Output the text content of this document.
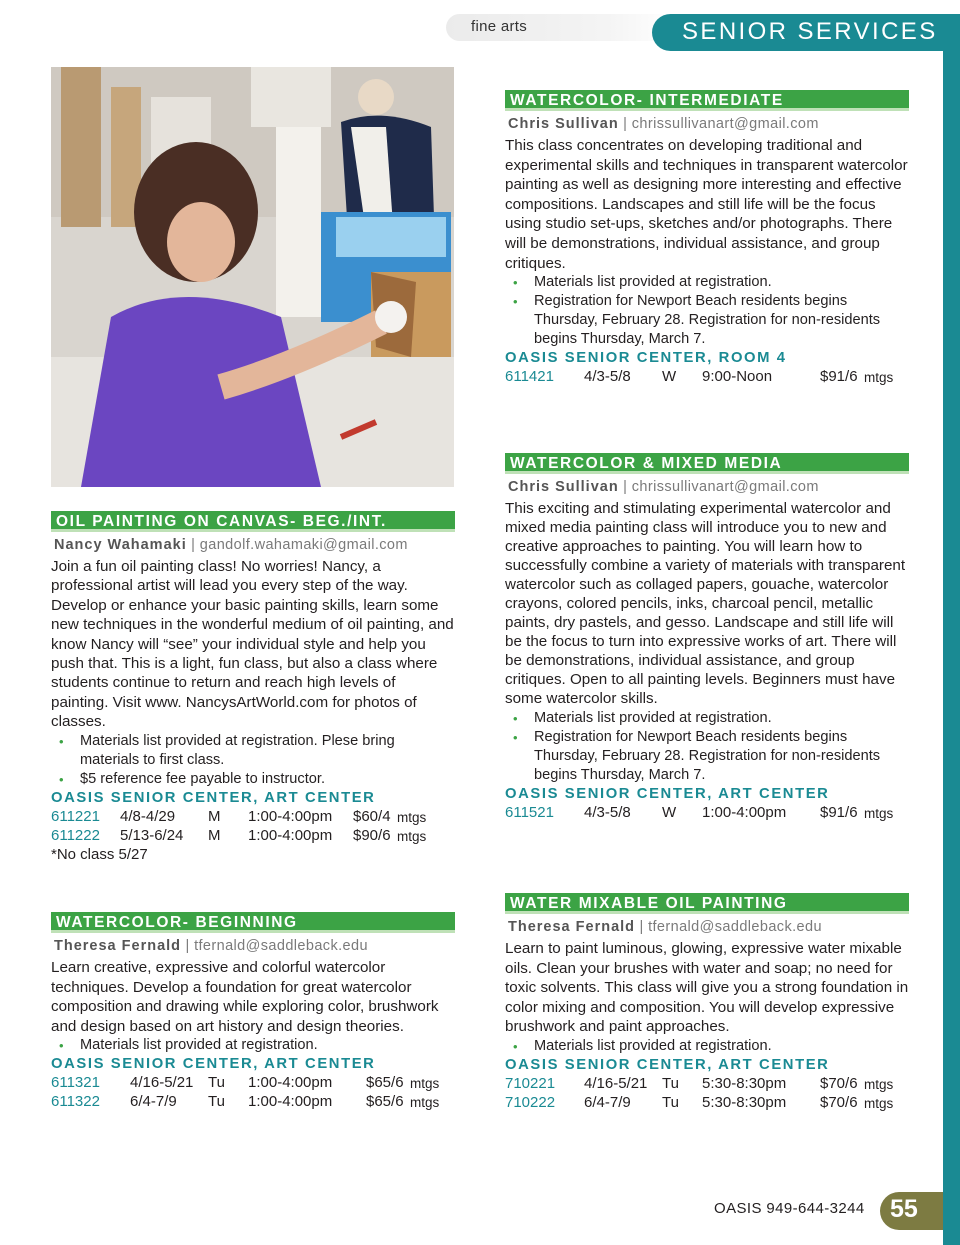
fine arts	SENIOR SERVICES
OIL PAINTING ON CANVAS- BEG./INT.
Nancy Wahamaki | gandolf.wahamaki@gmail.com
Join a fun oil painting class! No worries! Nancy, a professional artist will lead you every step of the way. Develop or enhance your basic painting skills, learn some new techniques in the wonderful medium of oil painting, and know Nancy will “see” your individual style and help you push that. This is a light, fun class, but also a class where students continue to return and reach high levels of painting. Visit www. NancysArtWorld.com for photos of classes.
• Materials list provided at registration. Plese bring materials to first class.
• $5 reference fee payable to instructor.
OASIS SENIOR CENTER, ART CENTER
611221 4/8-4/29 M 1:00-4:00pm $60/4 mtgs
611222 5/13-6/24 M 1:00-4:00pm $90/6 mtgs
*No class 5/27
WATERCOLOR- BEGINNING
Theresa Fernald | tfernald@saddleback.edu
Learn creative, expressive and colorful watercolor techniques. Develop a foundation for great watercolor composition and drawing while exploring color, brushwork and design based on art history and design theories.
• Materials list provided at registration.
OASIS SENIOR CENTER, ART CENTER
611321 4/16-5/21 Tu 1:00-4:00pm $65/6 mtgs
611322 6/4-7/9 Tu 1:00-4:00pm $65/6 mtgs
WATERCOLOR- INTERMEDIATE
Chris Sullivan | chrissullivanart@gmail.com
This class concentrates on developing traditional and experimental skills and techniques in transparent watercolor painting as well as designing more interesting and effective compositions. Landscapes and still life will be the focus using studio set-ups, sketches and/or photographs. There will be demonstrations, individual assistance, and group critiques.
• Materials list provided at registration.
• Registration for Newport Beach residents begins Thursday, February 28. Registration for non-residents begins Thursday, March 7.
OASIS SENIOR CENTER, ROOM 4
611421 4/3-5/8 W 9:00-Noon	$91/6 mtgs
WATERCOLOR & MIXED MEDIA
Chris Sullivan | chrissullivanart@gmail.com
This exciting and stimulating experimental watercolor and mixed media painting class will introduce you to new and creative approaches to painting. You will learn how to successfully combine a variety of materials with transparent watercolor such as collaged papers, gouache, watercolor crayons, colored pencils, inks, charcoal pencil, metallic paints, dry pastels, and gesso. Landscape and still life will be the focus to turn into expressive works of art. There will be demonstrations, individual assistance, and group critiques. Open to all painting levels. Beginners must have some watercolor skills.
• Materials list provided at registration.
• Registration for Newport Beach residents begins Thursday, February 28. Registration for non-residents begins Thursday, March 7.
OASIS SENIOR CENTER, ART CENTER
611521 4/3-5/8 W 1:00-4:00pm $91/6 mtgs
WATER MIXABLE OIL PAINTING
Theresa Fernald | tfernald@saddleback.edu
Learn to paint luminous, glowing, expressive water mixable oils. Clean your brushes with water and soap; no need for toxic solvents. This class will give you a strong foundation in color mixing and composition. You will develop expressive brushwork and paint approaches.
• Materials list provided at registration.
OASIS SENIOR CENTER, ART CENTER
710221 4/16-5/21 Tu 5:30-8:30pm $70/6 mtgs
710222 6/4-7/9 Tu 5:30-8:30pm $70/6 mtgs
OASIS 949-644-3244 55
